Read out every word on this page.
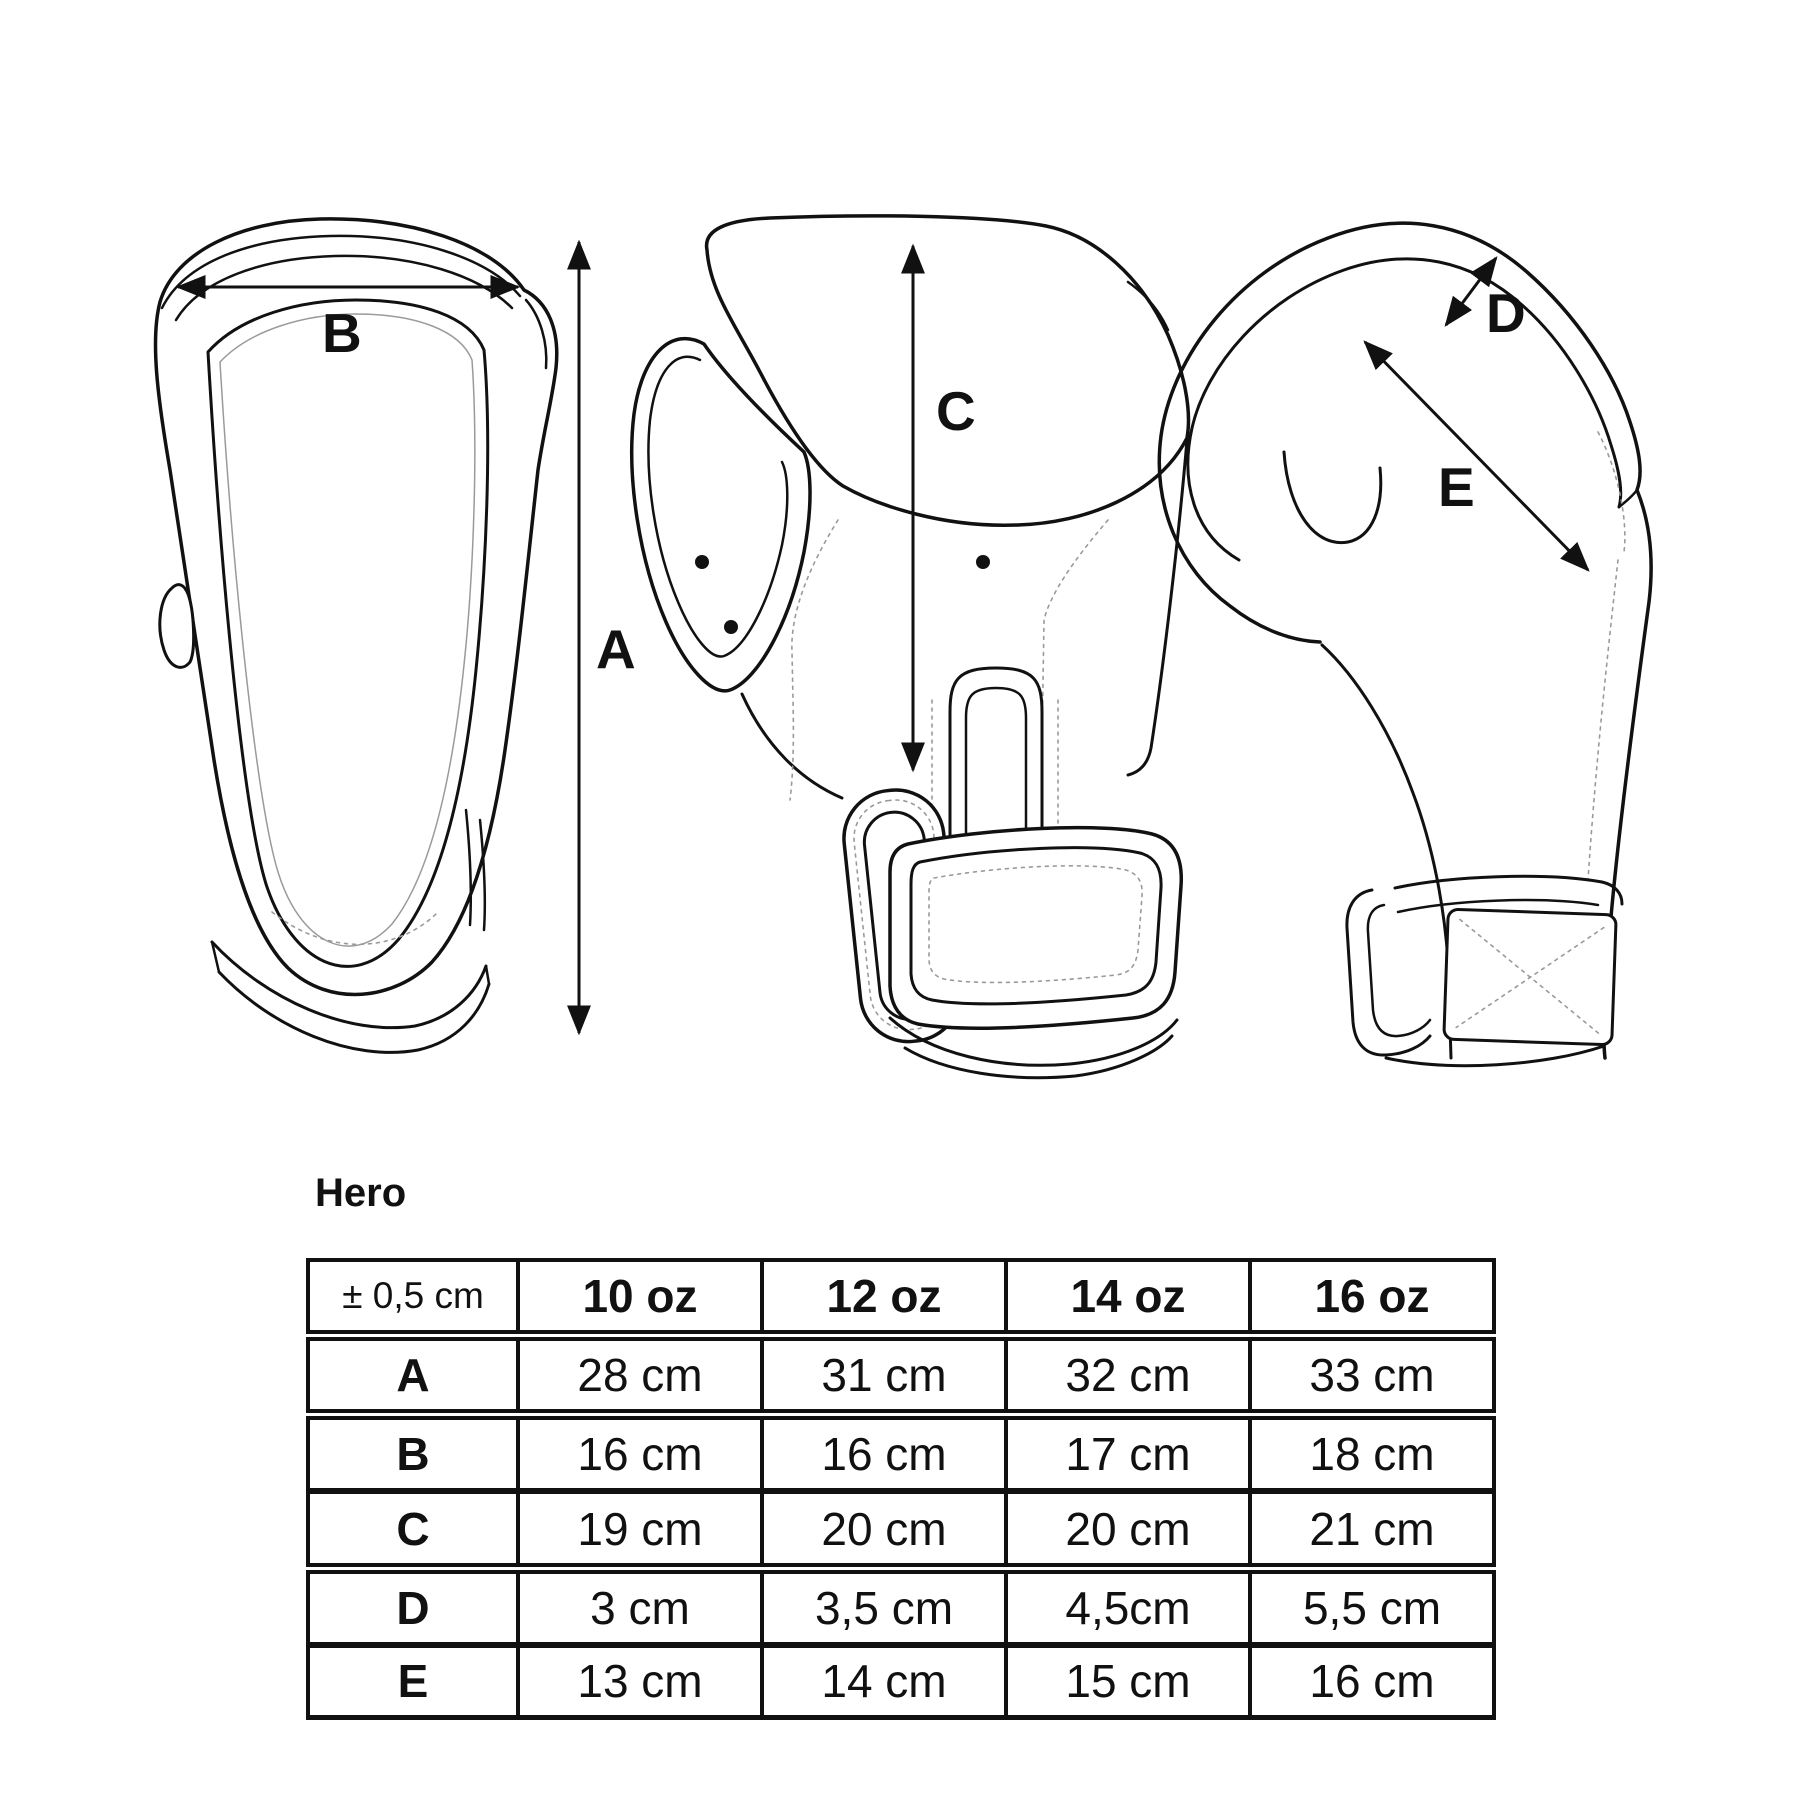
B
A
C
D
E
Hero
± 0,5 cm	10 oz	12 oz	14 oz	16 oz
A	28 cm	31 cm	32 cm	33 cm
B	16 cm	16 cm	17 cm	18 cm
C	19 cm	20 cm	20 cm	21 cm
D	3 cm	3,5 cm	4,5cm	5,5 cm
E	13 cm	14 cm	15 cm	16 cm
